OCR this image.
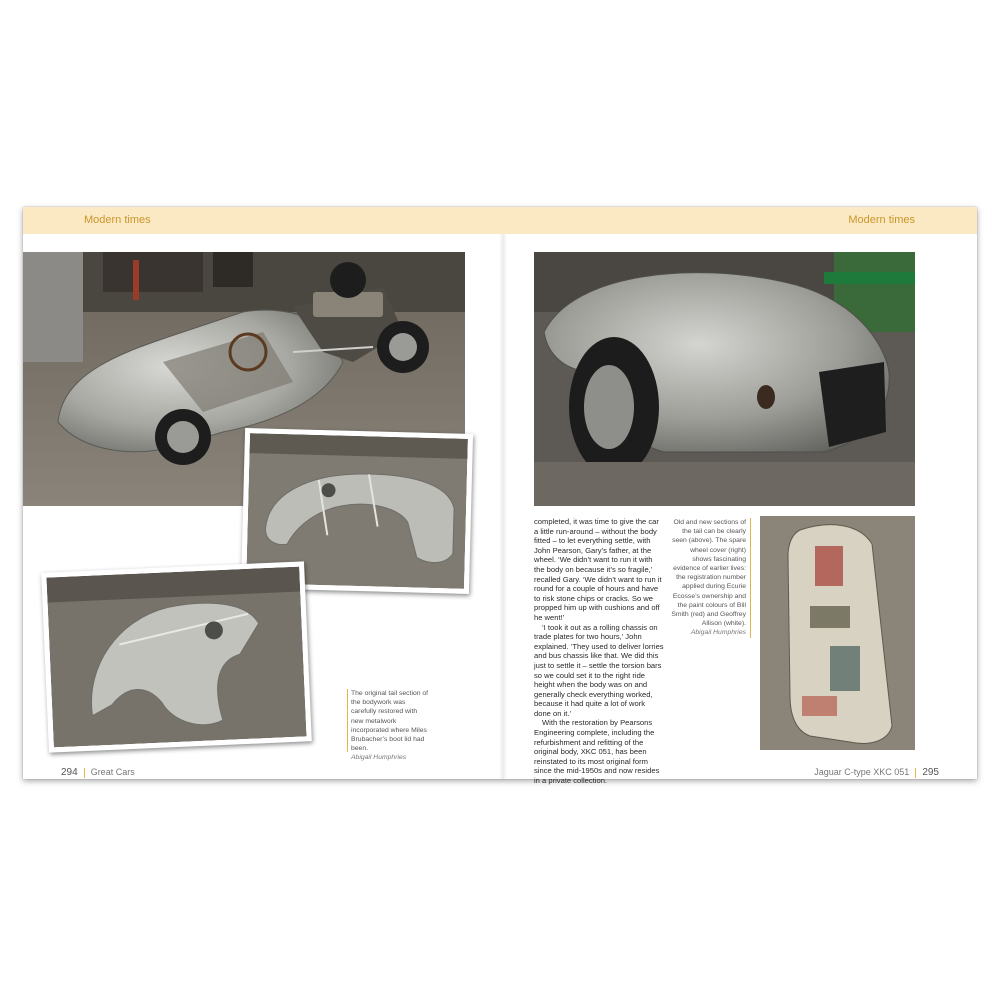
Modern times	Modern times
The original tail section of the bodywork was carefully restored with new metalwork incorporated where Miles Brubacher’s boot lid had been.
Abigail Humphries

completed, it was time to give the car a little run-around – without the body fitted – to let everything settle, with John Pearson, Gary’s father, at the wheel. ‘We didn’t want to run it with the body on because it’s so fragile,’ recalled Gary. ‘We didn’t want to run it round for a couple of hours and have to risk stone chips or cracks. So we propped him up with cushions and off he went!’

‘I took it out as a rolling chassis on trade plates for two hours,’ John explained. ‘They used to deliver lorries and bus chassis like that. We did this just to settle it – settle the torsion bars so we could set it to the right ride height when the body was on and generally check everything worked, because it had quite a lot of work done on it.’

With the restoration by Pearsons Engineering complete, including the refurbishment and refitting of the original body, XKC 051, has been reinstated to its most original form since the mid-1950s and now resides in a private collection.

Old and new sections of the tail can be clearly seen (above). The spare wheel cover (right) shows fascinating evidence of earlier lives: the registration number applied during Ecurie Ecosse’s ownership and the paint colours of Bill Smith (red) and Geoffrey Allison (white).
Abigail Humphries
294 Great Cars	Jaguar C-type XKC 051 295
